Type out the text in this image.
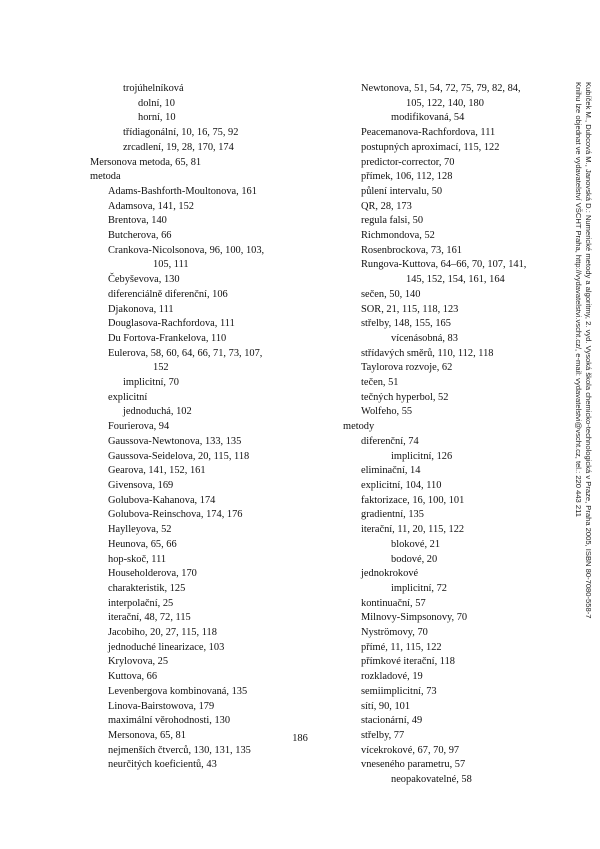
trojúhelníková
dolní, 10
horní, 10
třídiagonální, 10, 16, 75, 92
zrcadlení, 19, 28, 170, 174
Mersonova metoda, 65, 81
metoda
Adams-Bashforth-Moultonova, 161
Adamsova, 141, 152
Brentova, 140
Butcherova, 66
Crankova-Nicolsonova, 96, 100, 103,
105, 111
Čebyševova, 130
diferenciálně diferenční, 106
Djakonova, 111
Douglasova-Rachfordova, 111
Du Fortova-Frankelova, 110
Eulerova, 58, 60, 64, 66, 71, 73, 107,
152
implicitní, 70
explicitní
jednoduchá, 102
Fourierova, 94
Gaussova-Newtonova, 133, 135
Gaussova-Seidelova, 20, 115, 118
Gearova, 141, 152, 161
Givensova, 169
Golubova-Kahanova, 174
Golubova-Reinschova, 174, 176
Haylleyova, 52
Heunova, 65, 66
hop-skoč, 111
Householderova, 170
charakteristik, 125
interpolační, 25
iterační, 48, 72, 115
Jacobiho, 20, 27, 115, 118
jednoduché linearizace, 103
Krylovova, 25
Kuttova, 66
Levenbergova kombinovaná, 135
Linova-Bairstowova, 179
maximální věrohodnosti, 130
Mersonova, 65, 81
nejmenších čtverců, 130, 131, 135
neurčitých koeficientů, 43
Newtonova, 51, 54, 72, 75, 79, 82, 84,
105, 122, 140, 180
modifikovaná, 54
Peacemanova-Rachfordova, 111
postupných aproximací, 115, 122
predictor-corrector, 70
přímek, 106, 112, 128
půlení intervalu, 50
QR, 28, 173
regula falsi, 50
Richmondova, 52
Rosenbrockova, 73, 161
Rungova-Kuttova, 64–66, 70, 107, 141,
145, 152, 154, 161, 164
sečen, 50, 140
SOR, 21, 115, 118, 123
střelby, 148, 155, 165
vícenásobná, 83
střídavých směrů, 110, 112, 118
Taylorova rozvoje, 62
tečen, 51
tečných hyperbol, 52
Wolfeho, 55
metody
diferenční, 74
implicitní, 126
eliminační, 14
explicitní, 104, 110
faktorizace, 16, 100, 101
gradientní, 135
iterační, 11, 20, 115, 122
blokové, 21
bodové, 20
jednokrokové
implicitní, 72
kontinuační, 57
Milnovy-Simpsonovy, 70
Nyströmovy, 70
přímé, 11, 115, 122
přímkové iterační, 118
rozkladové, 19
semiimplicitní, 73
sítí, 90, 101
stacionární, 49
střelby, 77
vícekrokové, 67, 70, 97
vneseného parametru, 57
neopakovatelné, 58
186
Kubíček M., Dubcová M., Janovská D.: Numerické metody a algoritmy, 2. vyd. Vysoká škola chemicko-technologická v Praze, Praha 2005, ISBN 80-7080-558-7
Knihu lze objednat ve vydavatelství VŠCHT Praha, http://vydavatelstvi.vscht.cz/, e-mail: vydavatelstvi@vscht.cz, tel.: 220 443 211
